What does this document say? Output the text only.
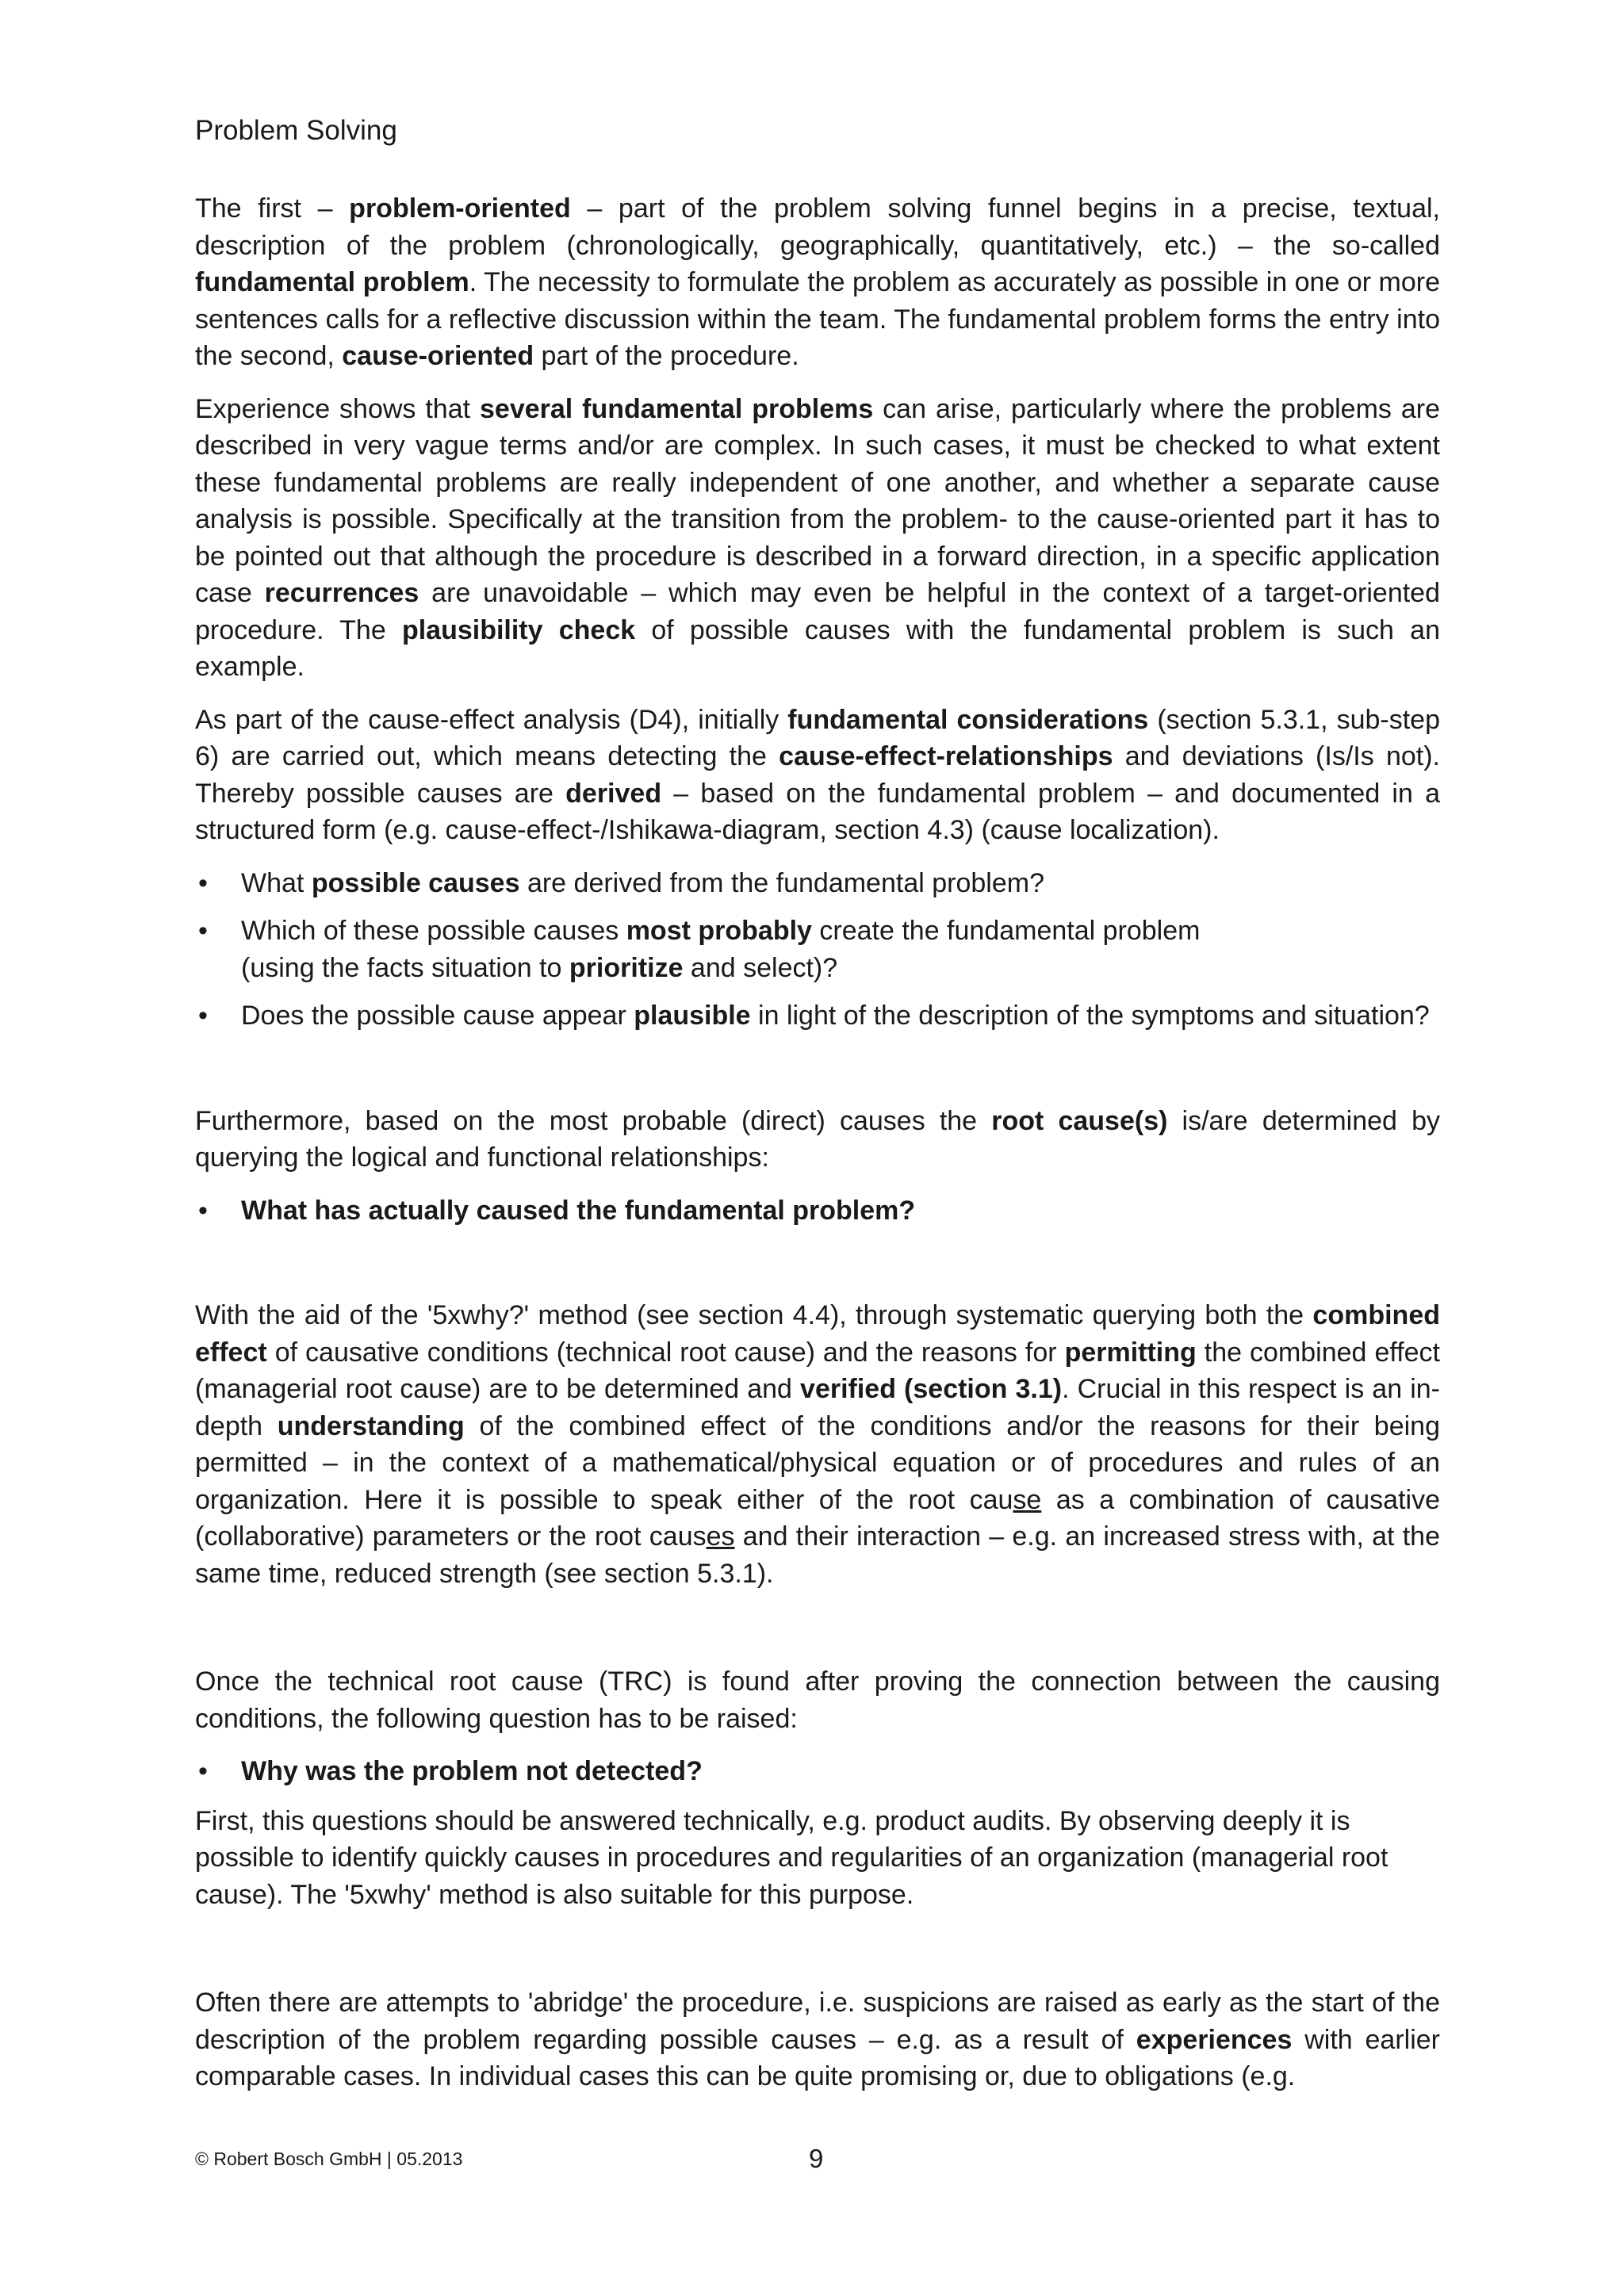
Problem Solving

The first – problem-oriented – part of the problem solving funnel begins in a precise, textual, description of the problem (chronologically, geographically, quantitatively, etc.) – the so-called fundamental problem. The necessity to formulate the problem as accurately as possible in one or more sentences calls for a reflective discussion within the team. The fundamental problem forms the entry into the second, cause-oriented part of the procedure.

Experience shows that several fundamental problems can arise, particularly where the problems are described in very vague terms and/or are complex. In such cases, it must be checked to what extent these fundamental problems are really independent of one another, and whether a separate cause analysis is possible. Specifically at the transition from the problem- to the cause-oriented part it has to be pointed out that although the procedure is described in a forward direction, in a specific application case recurrences are unavoidable – which may even be helpful in the context of a target-oriented procedure. The plausibility check of possible causes with the fundamental problem is such an example.

As part of the cause-effect analysis (D4), initially fundamental considerations (section 5.3.1, sub-step 6) are carried out, which means detecting the cause-effect-relationships and deviations (Is/Is not). Thereby possible causes are derived – based on the fundamental problem – and documented in a structured form (e.g. cause-effect-/Ishikawa-diagram, section 4.3) (cause localization).

• What possible causes are derived from the fundamental problem?
• Which of these possible causes most probably create the fundamental problem
(using the facts situation to prioritize and select)?
• Does the possible cause appear plausible in light of the description of the symptoms and situation?

Furthermore, based on the most probable (direct) causes the root cause(s) is/are determined by querying the logical and functional relationships:

• What has actually caused the fundamental problem?

With the aid of the '5xwhy?' method (see section 4.4), through systematic querying both the combined effect of causative conditions (technical root cause) and the reasons for permitting the combined effect (managerial root cause) are to be determined and verified (section 3.1). Crucial in this respect is an in-depth understanding of the combined effect of the conditions and/or the reasons for their being permitted – in the context of a mathematical/physical equation or of procedures and rules of an organization. Here it is possible to speak either of the root cause as a combination of causative (collaborative) parameters or the root causes and their interaction – e.g. an increased stress with, at the same time, reduced strength (see section 5.3.1).

Once the technical root cause (TRC) is found after proving the connection between the causing conditions, the following question has to be raised:

• Why was the problem not detected?

First, this questions should be answered technically, e.g. product audits. By observing deeply it is possible to identify quickly causes in procedures and regularities of an organization (managerial root cause). The '5xwhy' method is also suitable for this purpose.

Often there are attempts to 'abridge' the procedure, i.e. suspicions are raised as early as the start of the description of the problem regarding possible causes – e.g. as a result of experiences with earlier comparable cases. In individual cases this can be quite promising or, due to obligations (e.g.

© Robert Bosch GmbH | 05.2013	9
